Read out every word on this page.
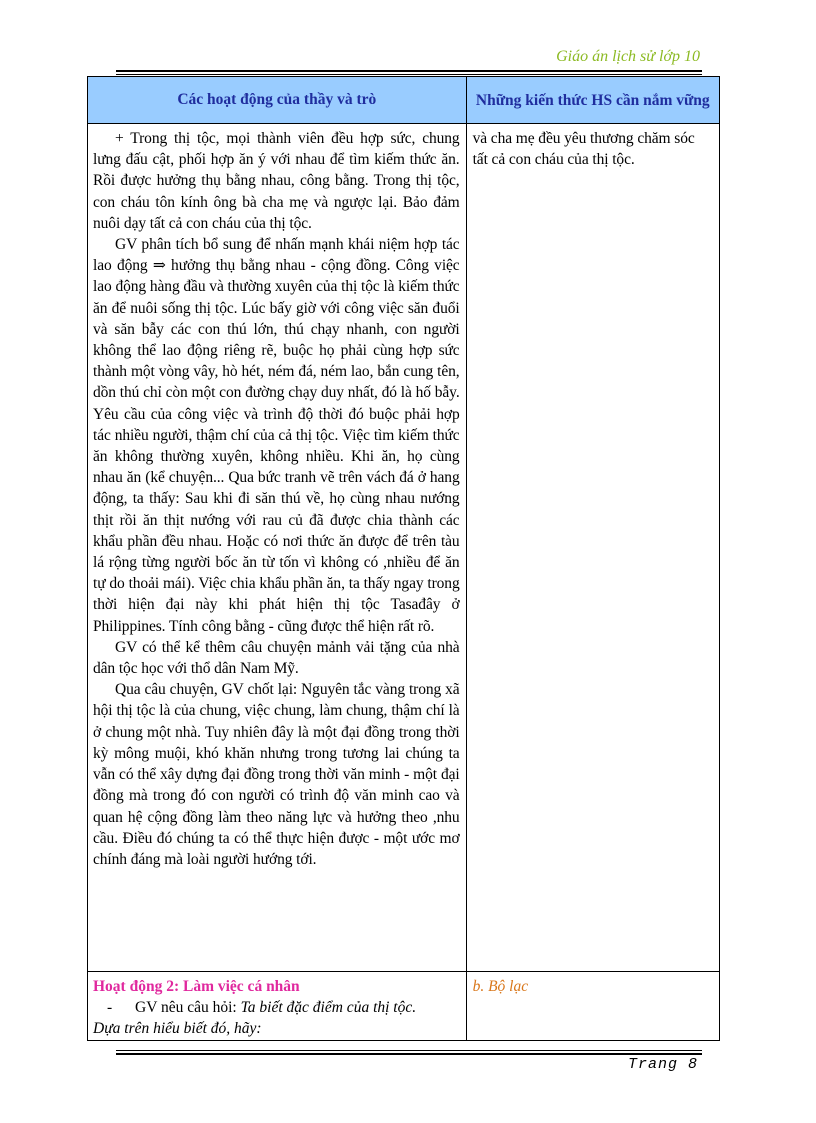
Giáo án lịch sử lớp 10
Các hoạt động của thầy và trò	Những kiến thức HS cần nắm vững

+ Trong thị tộc, mọi thành viên đều hợp sức, chung lưng đấu cật, phối hợp ăn ý với nhau để tìm kiếm thức ăn. Rồi được hưởng thụ bằng nhau, công bằng. Trong thị tộc, con cháu tôn kính ông bà cha mẹ và ngược lại. Bảo đảm nuôi dạy tất cả con cháu của thị tộc.

GV phân tích bổ sung để nhấn mạnh khái niệm hợp tác lao động ⇒ hưởng thụ bằng nhau - cộng đồng. Công việc lao động hàng đầu và thường xuyên của thị tộc là kiếm thức ăn để nuôi sống thị tộc. Lúc bấy giờ với công việc săn đuổi và săn bẫy các con thú lớn, thú chạy nhanh, con người không thể lao động riêng rẽ, buộc họ phải cùng hợp sức thành một vòng vây, hò hét, ném đá, ném lao, bắn cung tên, dồn thú chỉ còn một con đường chạy duy nhất, đó là hố bẫy. Yêu cầu của công việc và trình độ thời đó buộc phải hợp tác nhiều người, thậm chí của cả thị tộc. Việc tìm kiếm thức ăn không thường xuyên, không nhiều. Khi ăn, họ cùng nhau ăn (kể chuyện... Qua bức tranh vẽ trên vách đá ở hang động, ta thấy: Sau khi đi săn thú về, họ cùng nhau nướng thịt rồi ăn thịt nướng với rau củ đã được chia thành các khẩu phần đều nhau. Hoặc có nơi thức ăn được để trên tàu lá rộng từng người bốc ăn từ tốn vì không có ,nhiều để ăn tự do thoải mái). Việc chia khẩu phần ăn, ta thấy ngay trong thời hiện đại này khi phát hiện thị tộc Tasađây ở Philippines. Tính công bằng - cũng được thể hiện rất rõ.

GV có thể kể thêm câu chuyện mảnh vải tặng của nhà dân tộc học với thổ dân Nam Mỹ.

Qua câu chuyện, GV chốt lại: Nguyên tắc vàng trong xã hội thị tộc là của chung, việc chung, làm chung, thậm chí là ở chung một nhà. Tuy nhiên đây là một đại đồng trong thời kỳ mông muội, khó khăn nhưng trong tương lai chúng ta vẫn có thể xây dựng đại đồng trong thời văn minh - một đại đồng mà trong đó con người có trình độ văn minh cao và quan hệ cộng đồng làm theo năng lực và hưởng theo ,nhu cầu. Điều đó chúng ta có thể thực hiện được - một ước mơ chính đáng mà loài người hướng tới.	và cha mẹ đều yêu thương chăm sóc tất cả con cháu của thị tộc.

Hoạt động 2: Làm việc cá nhân

- GV nêu câu hỏi: Ta biết đặc điểm của thị tộc.

Dựa trên hiểu biết đó, hãy:	b. Bộ lạc

Trang 8
